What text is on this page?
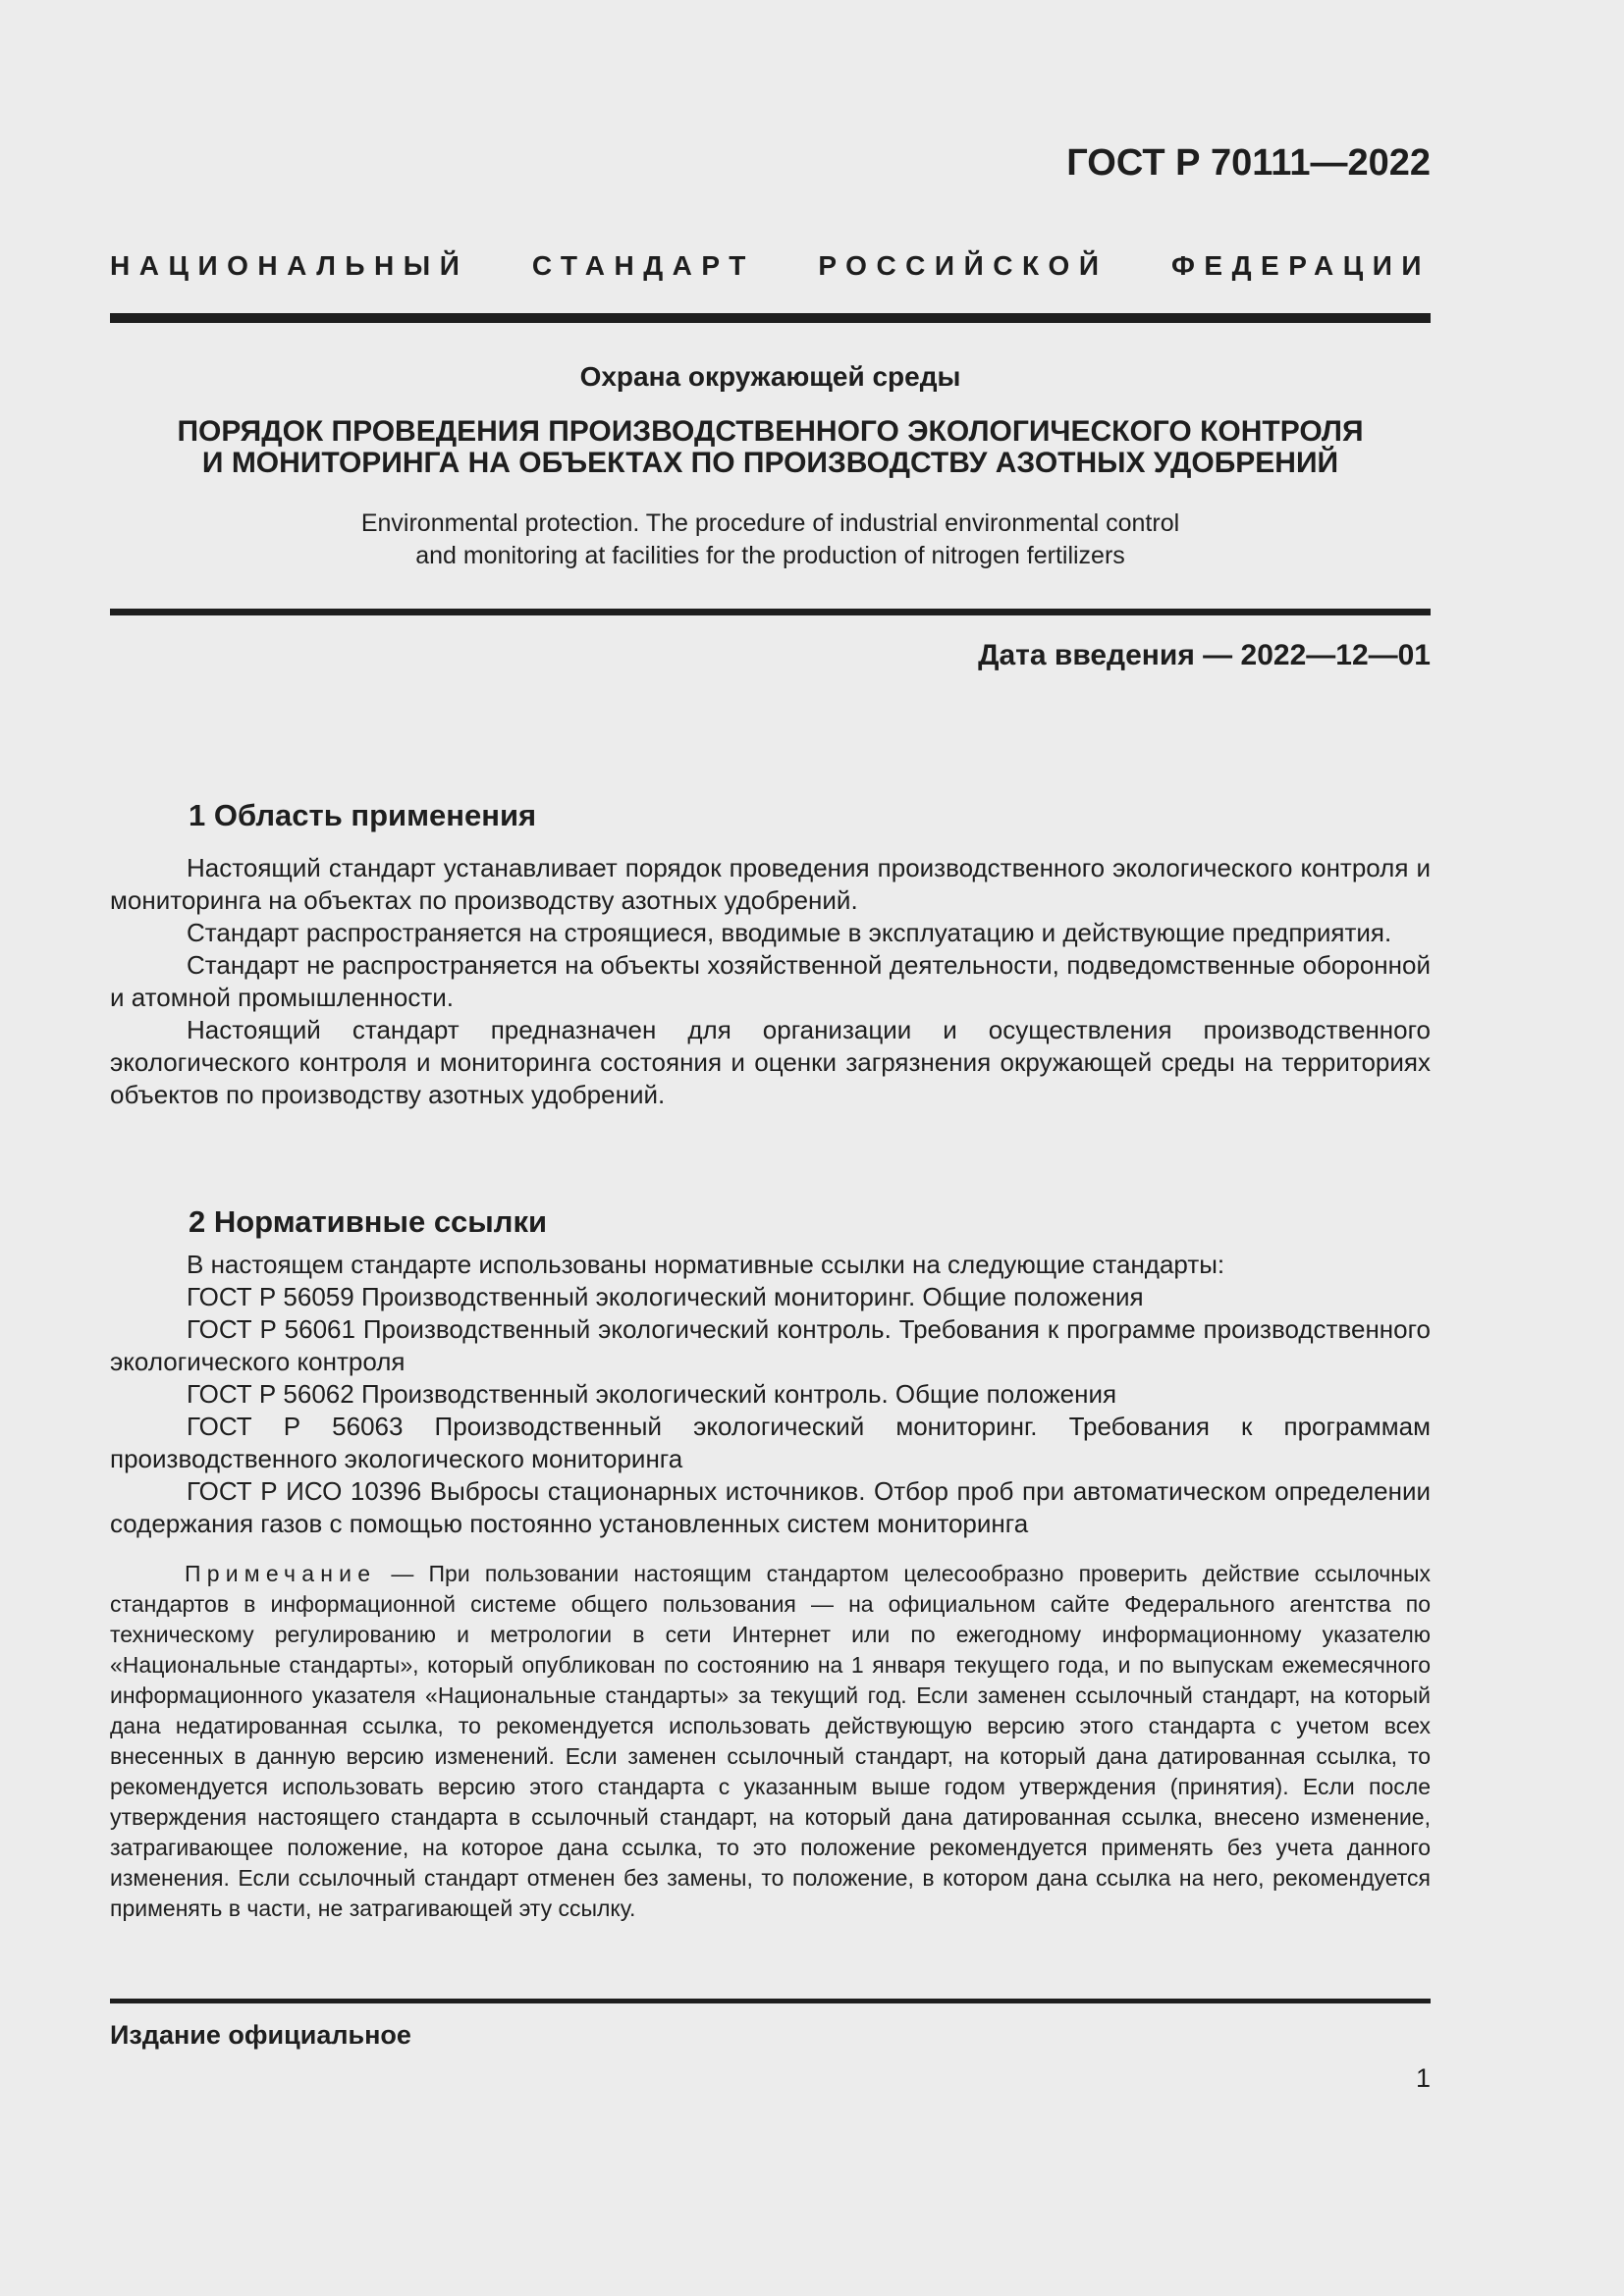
ГОСТ Р 70111—2022
НАЦИОНАЛЬНЫЙ СТАНДАРТ РОССИЙСКОЙ ФЕДЕРАЦИИ
Охрана окружающей среды
ПОРЯДОК ПРОВЕДЕНИЯ ПРОИЗВОДСТВЕННОГО ЭКОЛОГИЧЕСКОГО КОНТРОЛЯ
И МОНИТОРИНГА НА ОБЪЕКТАХ ПО ПРОИЗВОДСТВУ АЗОТНЫХ УДОБРЕНИЙ
Environmental protection. The procedure of industrial environmental control
and monitoring at facilities for the production of nitrogen fertilizers
Дата введения — 2022—12—01
1 Область применения

Настоящий стандарт устанавливает порядок проведения производственного экологического контроля и мониторинга на объектах по производству азотных удобрений.

Стандарт распространяется на строящиеся, вводимые в эксплуатацию и действующие предприятия.

Стандарт не распространяется на объекты хозяйственной деятельности, подведомственные оборонной и атомной промышленности.

Настоящий стандарт предназначен для организации и осуществления производственного экологического контроля и мониторинга состояния и оценки загрязнения окружающей среды на территориях объектов по производству азотных удобрений.

2 Нормативные ссылки

В настоящем стандарте использованы нормативные ссылки на следующие стандарты:

ГОСТ Р 56059 Производственный экологический мониторинг. Общие положения

ГОСТ Р 56061 Производственный экологический контроль. Требования к программе производственного экологического контроля

ГОСТ Р 56062 Производственный экологический контроль. Общие положения

ГОСТ Р 56063 Производственный экологический мониторинг. Требования к программам производственного экологического мониторинга

ГОСТ Р ИСО 10396 Выбросы стационарных источников. Отбор проб при автоматическом определении содержания газов с помощью постоянно установленных систем мониторинга

Примечание — При пользовании настоящим стандартом целесообразно проверить действие ссылочных стандартов в информационной системе общего пользования — на официальном сайте Федерального агентства по техническому регулированию и метрологии в сети Интернет или по ежегодному информационному указателю «Национальные стандарты», который опубликован по состоянию на 1 января текущего года, и по выпускам ежемесячного информационного указателя «Национальные стандарты» за текущий год. Если заменен ссылочный стандарт, на который дана недатированная ссылка, то рекомендуется использовать действующую версию этого стандарта с учетом всех внесенных в данную версию изменений. Если заменен ссылочный стандарт, на который дана датированная ссылка, то рекомендуется использовать версию этого стандарта с указанным выше годом утверждения (принятия). Если после утверждения настоящего стандарта в ссылочный стандарт, на который дана датированная ссылка, внесено изменение, затрагивающее положение, на которое дана ссылка, то это положение рекомендуется применять без учета данного изменения. Если ссылочный стандарт отменен без замены, то положение, в котором дана ссылка на него, рекомендуется применять в части, не затрагивающей эту ссылку.
Издание официальное
1
